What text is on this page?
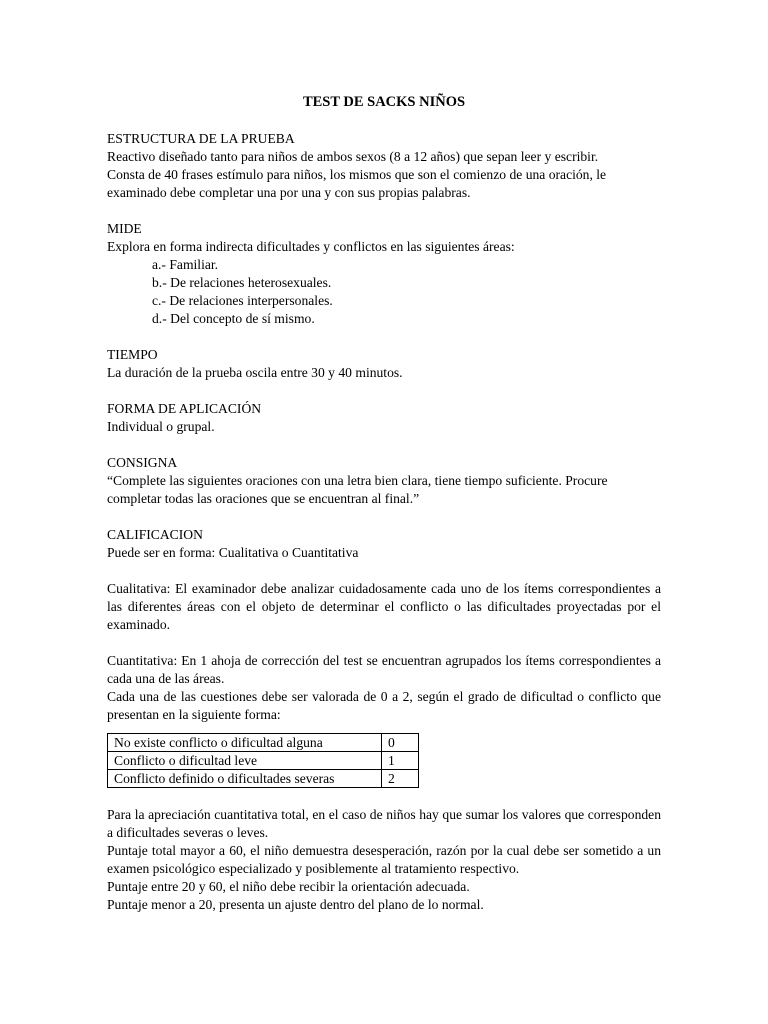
TEST DE SACKS NIÑOS

ESTRUCTURA DE LA PRUEBA

Reactivo diseñado tanto para niños de ambos sexos (8 a 12 años) que sepan leer y escribir.

Consta de 40 frases estímulo para niños, los mismos que son el comienzo de una oración, le examinado debe completar una por una y con sus propias palabras.

MIDE

Explora en forma indirecta dificultades y conflictos en las siguientes áreas:

a.- Familiar.
b.- De relaciones heterosexuales.
c.- De relaciones interpersonales.
d.- Del concepto de sí mismo.

TIEMPO

La duración de la prueba oscila entre 30 y 40 minutos.

FORMA DE APLICACIÓN

Individual o grupal.

CONSIGNA

“Complete las siguientes oraciones con una letra bien clara, tiene tiempo suficiente. Procure completar todas las oraciones que se encuentran al final.”

CALIFICACION

Puede ser en forma: Cualitativa o Cuantitativa

Cualitativa: El examinador debe analizar cuidadosamente cada uno de los ítems correspondientes a las diferentes áreas con el objeto de determinar el conflicto o las dificultades proyectadas por el examinado.

Cuantitativa: En 1 ahoja de corrección del test se encuentran agrupados los ítems correspondientes a cada una de las áreas.

Cada una de las cuestiones debe ser valorada de 0 a 2, según el grado de dificultad o conflicto que presentan en la siguiente forma:

No existe conflicto o dificultad alguna	0
Conflicto o dificultad leve	1
Conflicto definido o dificultades severas	2

Para la apreciación cuantitativa total, en el caso de niños hay que sumar los valores que corresponden a dificultades severas o leves.

Puntaje total mayor a 60, el niño demuestra desesperación, razón por la cual debe ser sometido a un examen psicológico especializado y posiblemente al tratamiento respectivo.

Puntaje entre 20 y 60, el niño debe recibir la orientación adecuada.

Puntaje menor a 20, presenta un ajuste dentro del plano de lo normal.
